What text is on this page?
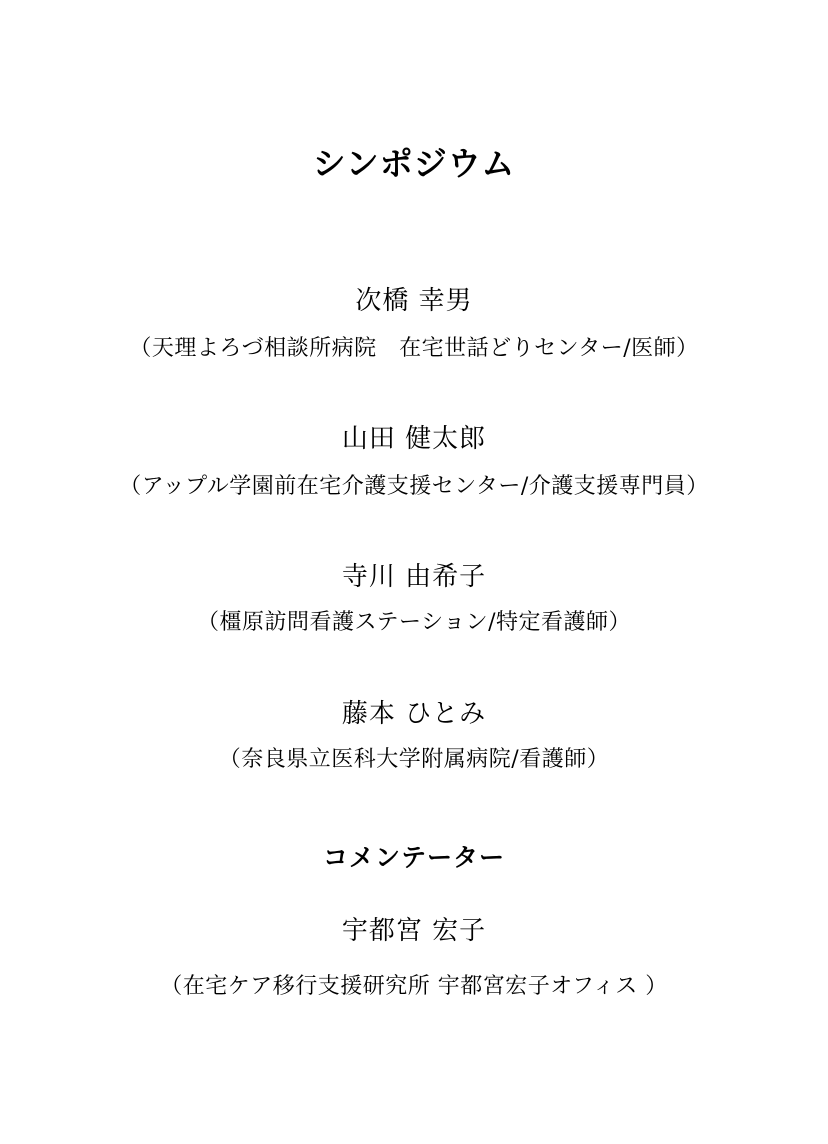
シンポジウム
次橋 幸男
（天理よろづ相談所病院　在宅世話どりセンター/医師）
山田 健太郎
（アップル学園前在宅介護支援センター/介護支援専門員）
寺川 由希子
（橿原訪問看護ステーション/特定看護師）
藤本 ひとみ
（奈良県立医科大学附属病院/看護師）
コメンテーター
宇都宮 宏子
（在宅ケア移行支援研究所 宇都宮宏子オフィス ）
